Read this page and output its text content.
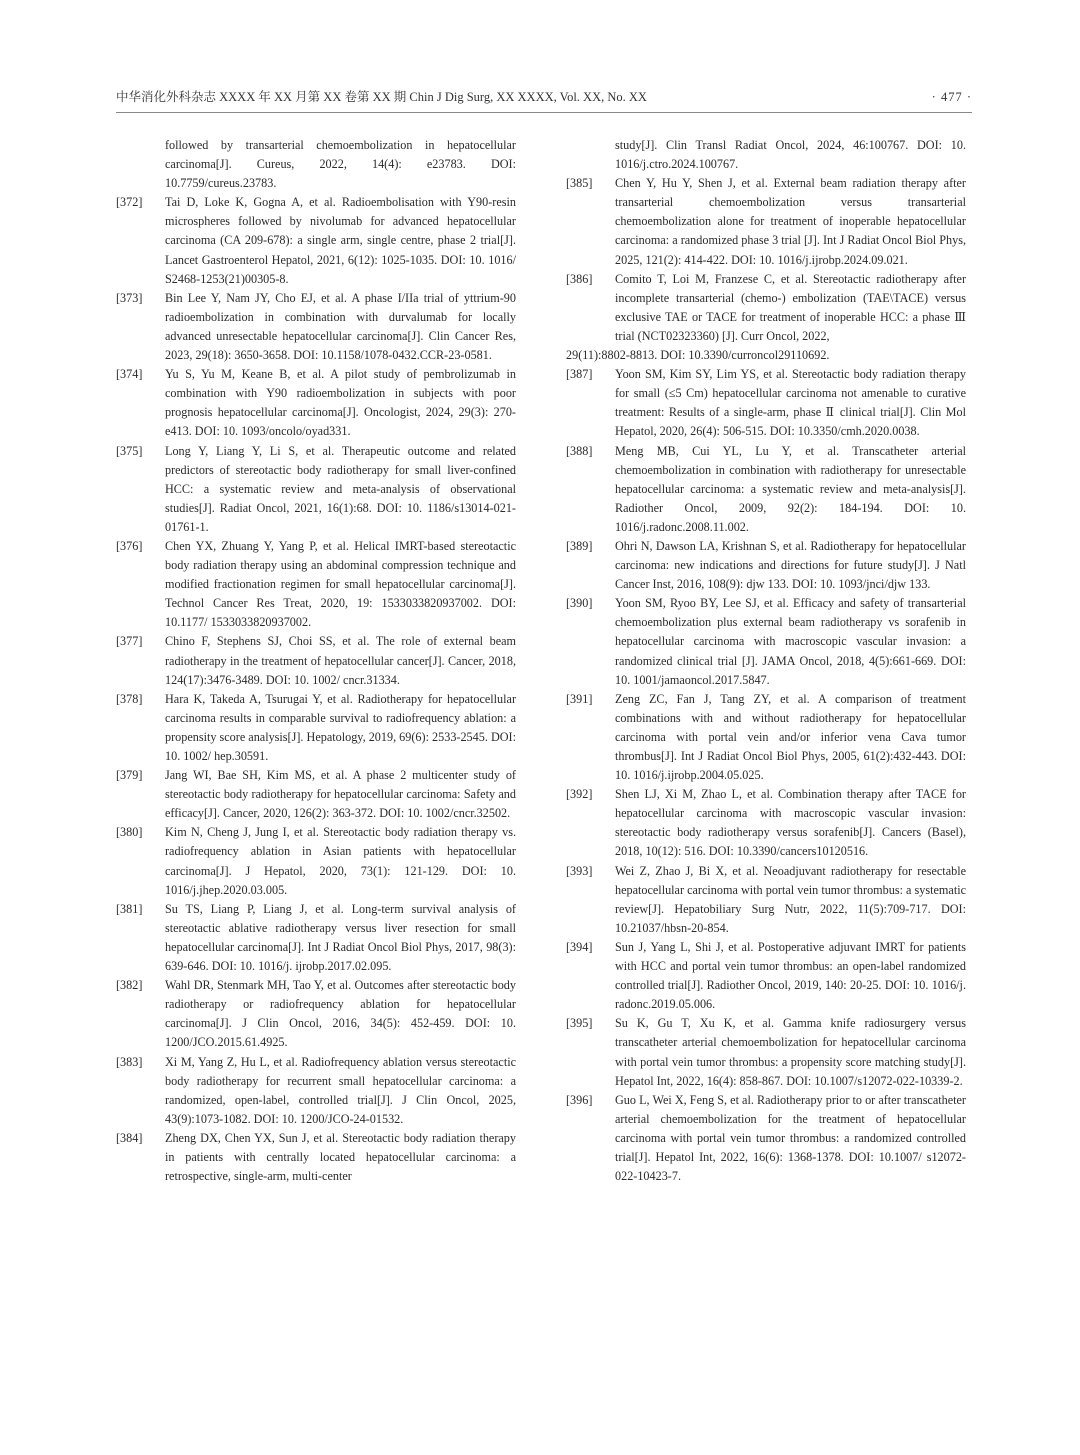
中华消化外科杂志 XXXX 年 XX 月第 XX 卷第 XX 期 Chin J Dig Surg, XX XXXX, Vol. XX, No. XX	· 477 ·
followed by transarterial chemoembolization in hepatocellular carcinoma[J]. Cureus, 2022, 14(4): e23783. DOI: 10.7759/cureus.23783.
[372] Tai D, Loke K, Gogna A, et al. Radioembolisation with Y90-resin microspheres followed by nivolumab for advanced hepatocellular carcinoma (CA 209-678): a single arm, single centre, phase 2 trial[J]. Lancet Gastroenterol Hepatol, 2021, 6(12): 1025-1035. DOI: 10. 1016/ S2468-1253(21)00305-8.
[373] Bin Lee Y, Nam JY, Cho EJ, et al. A phase I/IIa trial of yttrium-90 radioembolization in combination with durvalumab for locally advanced unresectable hepatocellular carcinoma[J]. Clin Cancer Res, 2023, 29(18): 3650-3658. DOI: 10.1158/1078-0432.CCR-23-0581.
[374] Yu S, Yu M, Keane B, et al. A pilot study of pembrolizumab in combination with Y90 radioembolization in subjects with poor prognosis hepatocellular carcinoma[J]. Oncologist, 2024, 29(3): 270-e413. DOI: 10. 1093/oncolo/oyad331.
[375] Long Y, Liang Y, Li S, et al. Therapeutic outcome and related predictors of stereotactic body radiotherapy for small liver-confined HCC: a systematic review and meta-analysis of observational studies[J]. Radiat Oncol, 2021, 16(1):68. DOI: 10. 1186/s13014-021-01761-1.
[376] Chen YX, Zhuang Y, Yang P, et al. Helical IMRT-based stereotactic body radiation therapy using an abdominal compression technique and modified fractionation regimen for small hepatocellular carcinoma[J]. Technol Cancer Res Treat, 2020, 19: 1533033820937002. DOI: 10.1177/ 1533033820937002.
[377] Chino F, Stephens SJ, Choi SS, et al. The role of external beam radiotherapy in the treatment of hepatocellular cancer[J]. Cancer, 2018, 124(17):3476-3489. DOI: 10. 1002/ cncr.31334.
[378] Hara K, Takeda A, Tsurugai Y, et al. Radiotherapy for hepatocellular carcinoma results in comparable survival to radiofrequency ablation: a propensity score analysis[J]. Hepatology, 2019, 69(6): 2533-2545. DOI: 10. 1002/ hep.30591.
[379] Jang WI, Bae SH, Kim MS, et al. A phase 2 multicenter study of stereotactic body radiotherapy for hepatocellular carcinoma: Safety and efficacy[J]. Cancer, 2020, 126(2): 363-372. DOI: 10. 1002/cncr.32502.
[380] Kim N, Cheng J, Jung I, et al. Stereotactic body radiation therapy vs. radiofrequency ablation in Asian patients with hepatocellular carcinoma[J]. J Hepatol, 2020, 73(1): 121-129. DOI: 10. 1016/j.jhep.2020.03.005.
[381] Su TS, Liang P, Liang J, et al. Long-term survival analysis of stereotactic ablative radiotherapy versus liver resection for small hepatocellular carcinoma[J]. Int J Radiat Oncol Biol Phys, 2017, 98(3): 639-646. DOI: 10. 1016/j. ijrobp.2017.02.095.
[382] Wahl DR, Stenmark MH, Tao Y, et al. Outcomes after stereotactic body radiotherapy or radiofrequency ablation for hepatocellular carcinoma[J]. J Clin Oncol, 2016, 34(5): 452-459. DOI: 10. 1200/JCO.2015.61.4925.
[383] Xi M, Yang Z, Hu L, et al. Radiofrequency ablation versus stereotactic body radiotherapy for recurrent small hepatocellular carcinoma: a randomized, open-label, controlled trial[J]. J Clin Oncol, 2025, 43(9):1073-1082. DOI: 10. 1200/JCO-24-01532.
[384] Zheng DX, Chen YX, Sun J, et al. Stereotactic body radiation therapy in patients with centrally located hepatocellular carcinoma: a retrospective, single-arm, multi-center
study[J]. Clin Transl Radiat Oncol, 2024, 46:100767. DOI: 10. 1016/j.ctro.2024.100767.
[385] Chen Y, Hu Y, Shen J, et al. External beam radiation therapy after transarterial chemoembolization versus transarterial chemoembolization alone for treatment of inoperable hepatocellular carcinoma: a randomized phase 3 trial [J]. Int J Radiat Oncol Biol Phys, 2025, 121(2): 414-422. DOI: 10. 1016/j.ijrobp.2024.09.021.
[386] Comito T, Loi M, Franzese C, et al. Stereotactic radiotherapy after incomplete transarterial (chemo-) embolization (TAE\TACE) versus exclusive TAE or TACE for treatment of inoperable HCC: a phase Ⅲ trial (NCT02323360) [J]. Curr Oncol, 2022,
29(11):8802-8813. DOI: 10.3390/curroncol29110692.
[387] Yoon SM, Kim SY, Lim YS, et al. Stereotactic body radiation therapy for small (≤5 Cm) hepatocellular carcinoma not amenable to curative treatment: Results of a single-arm, phase Ⅱ clinical trial[J]. Clin Mol Hepatol, 2020, 26(4): 506-515. DOI: 10.3350/cmh.2020.0038.
[388] Meng MB, Cui YL, Lu Y, et al. Transcatheter arterial chemoembolization in combination with radiotherapy for unresectable hepatocellular carcinoma: a systematic review and meta-analysis[J]. Radiother Oncol, 2009, 92(2): 184-194. DOI: 10. 1016/j.radonc.2008.11.002.
[389] Ohri N, Dawson LA, Krishnan S, et al. Radiotherapy for hepatocellular carcinoma: new indications and directions for future study[J]. J Natl Cancer Inst, 2016, 108(9): djw 133. DOI: 10. 1093/jnci/djw 133.
[390] Yoon SM, Ryoo BY, Lee SJ, et al. Efficacy and safety of transarterial chemoembolization plus external beam radiotherapy vs sorafenib in hepatocellular carcinoma with macroscopic vascular invasion: a randomized clinical trial [J]. JAMA Oncol, 2018, 4(5):661-669. DOI: 10. 1001/jamaoncol.2017.5847.
[391] Zeng ZC, Fan J, Tang ZY, et al. A comparison of treatment combinations with and without radiotherapy for hepatocellular carcinoma with portal vein and/or inferior vena Cava tumor thrombus[J]. Int J Radiat Oncol Biol Phys, 2005, 61(2):432-443. DOI: 10. 1016/j.ijrobp.2004.05.025.
[392] Shen LJ, Xi M, Zhao L, et al. Combination therapy after TACE for hepatocellular carcinoma with macroscopic vascular invasion: stereotactic body radiotherapy versus sorafenib[J]. Cancers (Basel), 2018, 10(12): 516. DOI: 10.3390/cancers10120516.
[393] Wei Z, Zhao J, Bi X, et al. Neoadjuvant radiotherapy for resectable hepatocellular carcinoma with portal vein tumor thrombus: a systematic review[J]. Hepatobiliary Surg Nutr, 2022, 11(5):709-717. DOI: 10.21037/hbsn-20-854.
[394] Sun J, Yang L, Shi J, et al. Postoperative adjuvant IMRT for patients with HCC and portal vein tumor thrombus: an open-label randomized controlled trial[J]. Radiother Oncol, 2019, 140: 20-25. DOI: 10. 1016/j. radonc.2019.05.006.
[395] Su K, Gu T, Xu K, et al. Gamma knife radiosurgery versus transcatheter arterial chemoembolization for hepatocellular carcinoma with portal vein tumor thrombus: a propensity score matching study[J]. Hepatol Int, 2022, 16(4): 858-867. DOI: 10.1007/s12072-022-10339-2.
[396] Guo L, Wei X, Feng S, et al. Radiotherapy prior to or after transcatheter arterial chemoembolization for the treatment of hepatocellular carcinoma with portal vein tumor thrombus: a randomized controlled trial[J]. Hepatol Int, 2022, 16(6): 1368-1378. DOI: 10.1007/ s12072-022-10423-7.
